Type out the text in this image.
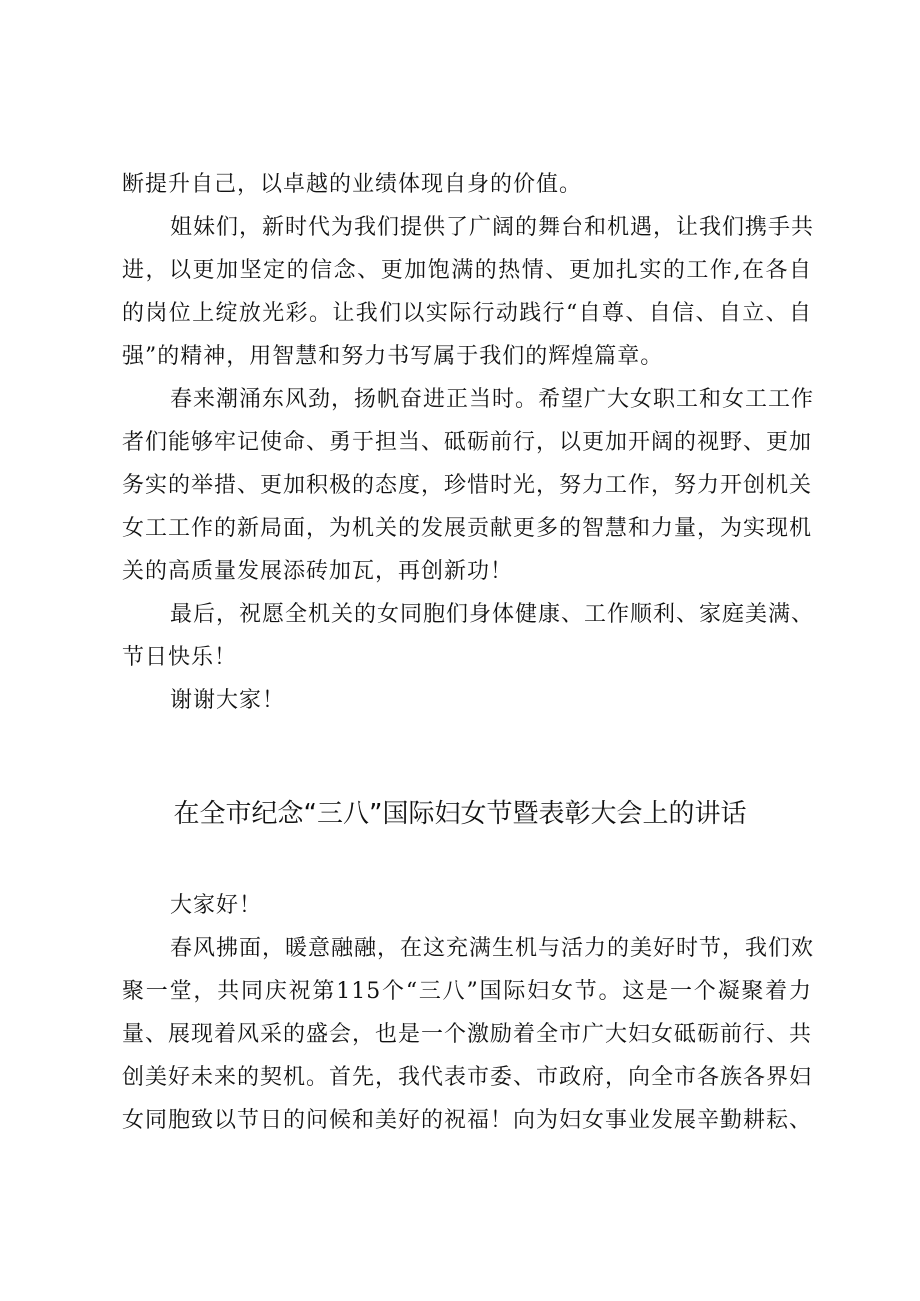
断提升自己，以卓越的业绩体现自身的价值。
姐妹们，新时代为我们提供了广阔的舞台和机遇，让我们携手共
进，以更加坚定的信念、更加饱满的热情、更加扎实的工作,在各自
的岗位上绽放光彩。让我们以实际行动践行“自尊、自信、自立、自
强”的精神，用智慧和努力书写属于我们的辉煌篇章。
春来潮涌东风劲，扬帆奋进正当时。希望广大女职工和女工工作
者们能够牢记使命、勇于担当、砥砺前行，以更加开阔的视野、更加
务实的举措、更加积极的态度，珍惜时光，努力工作，努力开创机关
女工工作的新局面，为机关的发展贡献更多的智慧和力量，为实现机
关的高质量发展添砖加瓦，再创新功！
最后，祝愿全机关的女同胞们身体健康、工作顺利、家庭美满、
节日快乐！
谢谢大家！
在全市纪念“三八”国际妇女节暨表彰大会上的讲话
大家好！
春风拂面，暖意融融，在这充满生机与活力的美好时节，我们欢
聚一堂，共同庆祝第115个“三八”国际妇女节。这是一个凝聚着力
量、展现着风采的盛会，也是一个激励着全市广大妇女砥砺前行、共
创美好未来的契机。首先，我代表市委、市政府，向全市各族各界妇
女同胞致以节日的问候和美好的祝福！向为妇女事业发展辛勤耕耘、
